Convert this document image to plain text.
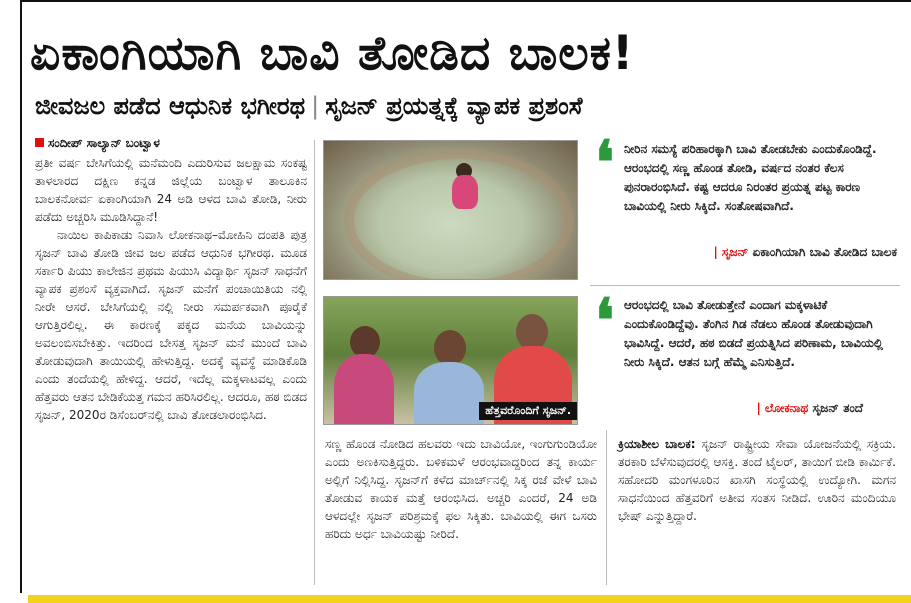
ಏಕಾಂಗಿಯಾಗಿ ಬಾವಿ ತೋಡಿದ ಬಾಲಕ!
ಜೀವಜಲ ಪಡೆದ ಆಧುನಿಕ ಭಗೀರಥ | ಸೃಜನ್ ಪ್ರಯತ್ನಕ್ಕೆ ವ್ಯಾಪಕ ಪ್ರಶಂಸೆ
ಸಂದೀಪ್ ಸಾಲ್ಯಾನ್ ಬಂಟ್ವಾಳ

ಪ್ರತೀ ವರ್ಷ ಬೇಸಿಗೆಯಲ್ಲಿ ಮನೆಮಂದಿ ಎದುರಿಸುವ ಜಲಕ್ಷಾಮ ಸಂಕಷ್ಟ ತಾಳಲಾರದ ದಕ್ಷಿಣ ಕನ್ನಡ ಜಿಲ್ಲೆಯ ಬಂಟ್ವಾಳ ತಾಲೂಕಿನ ಬಾಲಕನೋರ್ವ ಏಕಾಂಗಿಯಾಗಿ 24 ಅಡಿ ಆಳದ ಬಾವಿ ತೋಡಿ, ನೀರು ಪಡೆದು ಅಚ್ಚರಿಸಿ ಮೂಡಿಸಿದ್ದಾನೆ!

ನಾಯಿಲ ಕಾಪಿಕಾಡು ನಿವಾಸಿ ಲೋಕನಾಥ–ಮೋಹಿನಿ ದಂಪತಿ ಪುತ್ರ ಸೃಜನ್ ಬಾವಿ ತೋಡಿ ಜೀವ ಜಲ ಪಡೆದ ಆಧುನಿಕ ಭಗೀರಥ. ಮೂಡ ಸರ್ಕಾರಿ ಪಿಯು ಕಾಲೇಜಿನ ಪ್ರಥಮ ಪಿಯುಸಿ ವಿದ್ಯಾರ್ಥಿ ಸೃಜನ್ ಸಾಧನೆಗೆ ವ್ಯಾಪಕ ಪ್ರಶಂಸೆ ವ್ಯಕ್ತವಾಗಿದೆ. ಸೃಜನ್ ಮನೆಗೆ ಪಂಚಾಯಿತಿಯ ನಲ್ಲಿ ನೀರೇ ಆಸರೆ. ಬೇಸಿಗೆಯಲ್ಲಿ ನಲ್ಲಿ ನೀರು ಸಮರ್ಪಕವಾಗಿ ಪೂರೈಕೆ ಆಗುತ್ತಿರಲಿಲ್ಲ. ಈ ಕಾರಣಕ್ಕೆ ಪಕ್ಕದ ಮನೆಯ ಬಾವಿಯನ್ನು ಅವಲಂಬಿಸಬೇಕಿತ್ತು. ಇದರಿಂದ ಬೇಸತ್ತ ಸೃಜನ್ ಮನೆ ಮುಂದೆ ಬಾವಿ ತೋಡುವುದಾಗಿ ತಾಯಿಯಲ್ಲಿ ಹೇಳುತ್ತಿದ್ದ. ಅದಕ್ಕೆ ವ್ಯವಸ್ಥೆ ಮಾಡಿಕೊಡಿ ಎಂದು ತಂದೆಯಲ್ಲಿ ಹೇಳಿದ್ದ. ಆದರೆ, ಇದೆಲ್ಲ ಮಕ್ಕಳಾಟವಲ್ಲ ಎಂದು ಹೆತ್ತವರು ಆತನ ಬೇಡಿಕೆಯತ್ತ ಗಮನ ಹರಿಸಿರಲಿಲ್ಲ. ಆದರೂ, ಹಠ ಬಿಡದ ಸೃಜನ್, 2020ರ ಡಿಸೆಂಬರ್‌ನಲ್ಲಿ ಬಾವಿ ತೋಡಲಾರಂಭಿಸಿದ.	ಹೆತ್ತವರೊಂದಿಗೆ ಸೃಜನ್.
❛ ನೀರಿನ ಸಮಸ್ಯೆ ಪರಿಹಾರಕ್ಕಾಗಿ ಬಾವಿ ತೋಡಬೇಕು ಎಂದುಕೊಂಡಿದ್ದೆ. ಆರಂಭದಲ್ಲಿ ಸಣ್ಣ ಹೊಂಡ ತೋಡಿ, ವರ್ಷದ ನಂತರ ಕೆಲಸ ಪುನರಾರಂಭಿಸಿದೆ. ಕಷ್ಟ ಆದರೂ ನಿರಂತರ ಪ್ರಯತ್ನ ಪಟ್ಟ ಕಾರಣ ಬಾವಿಯಲ್ಲಿ ನೀರು ಸಿಕ್ಕಿದೆ. ಸಂತೋಷವಾಗಿದೆ.
| ಸೃಜನ್ ಏಕಾಂಗಿಯಾಗಿ ಬಾವಿ ತೋಡಿದ ಬಾಲಕ
❛ ಆರಂಭದಲ್ಲಿ ಬಾವಿ ತೋಡುತ್ತೇನೆ ಎಂದಾಗ ಮಕ್ಕಳಾಟಿಕೆ ಎಂದುಕೊಂಡಿದ್ದೆವು. ತೆಂಗಿನ ಗಿಡ ನೆಡಲು ಹೊಂಡ ತೋಡುವುದಾಗಿ ಭಾವಿಸಿದ್ದೆ. ಆದರೆ, ಹಠ ಬಿಡದೆ ಪ್ರಯತ್ನಿಸಿದ ಪರಿಣಾಮ, ಬಾವಿಯಲ್ಲಿ ನೀರು ಸಿಕ್ಕಿದೆ. ಆತನ ಬಗ್ಗೆ ಹೆಮ್ಮೆ ಎನಿಸುತ್ತಿದೆ.
| ಲೋಕನಾಥ ಸೃಜನ್ ತಂದೆ
ಸಣ್ಣ ಹೊಂಡ ನೋಡಿದ ಹಲವರು ಇದು ಬಾವಿಯೋ, ಇಂಗುಗುಂಡಿಯೋ ಎಂದು ಅಣಕಿಸುತ್ತಿದ್ದರು. ಬಳಿಕಮಳೆ ಆರಂಭವಾದ್ದರಿಂದ ತನ್ನ ಕಾರ್ಯ ಅಲ್ಲಿಗೆ ನಿಲ್ಲಿಸಿದ್ದ. ಸೃಜನ್‌ಗೆ ಕಳೆದ ಮಾರ್ಚ್‌ನಲ್ಲಿ ಸಿಕ್ಕ ರಜೆ ವೇಳೆ ಬಾವಿ ತೋಡುವ ಕಾಯಕ ಮತ್ತೆ ಆರಂಭಿಸಿದ. ಅಚ್ಚರಿ ಎಂದರೆ, 24 ಅಡಿ ಆಳದಲ್ಲೇ ಸೃಜನ್ ಪರಿಶ್ರಮಕ್ಕೆ ಫಲ ಸಿಕ್ಕಿತು. ಬಾವಿಯಲ್ಲಿ ಈಗ ಒಸರು ಹರಿದು ಅರ್ಧ ಬಾವಿಯಷ್ಟು ನೀರಿದೆ.
ಕ್ರಿಯಾಶೀಲ ಬಾಲಕ: ಸೃಜನ್ ರಾಷ್ಟ್ರೀಯ ಸೇವಾ ಯೋಜನೆಯಲ್ಲಿ ಸಕ್ರಿಯ. ತರಕಾರಿ ಬೆಳೆಸುವುದರಲ್ಲಿ ಆಸಕ್ತಿ. ತಂದೆ ಟೈಲರ್, ತಾಯಿಗೆ ಬೀಡಿ ಕಾರ್ಮಿಕೆ. ಸಹೋದರಿ ಮಂಗಳೂರಿನ ಖಾಸಗಿ ಸಂಸ್ಥೆಯಲ್ಲಿ ಉದ್ಯೋಗಿ. ಮಗನ ಸಾಧನೆಯಿಂದ ಹೆತ್ತವರಿಗೆ ಅತೀವ ಸಂತಸ ನೀಡಿದೆ. ಊರಿನ ಮಂದಿಯೂ ಭೇಷ್ ಎನ್ನುತ್ತಿದ್ದಾರೆ.
